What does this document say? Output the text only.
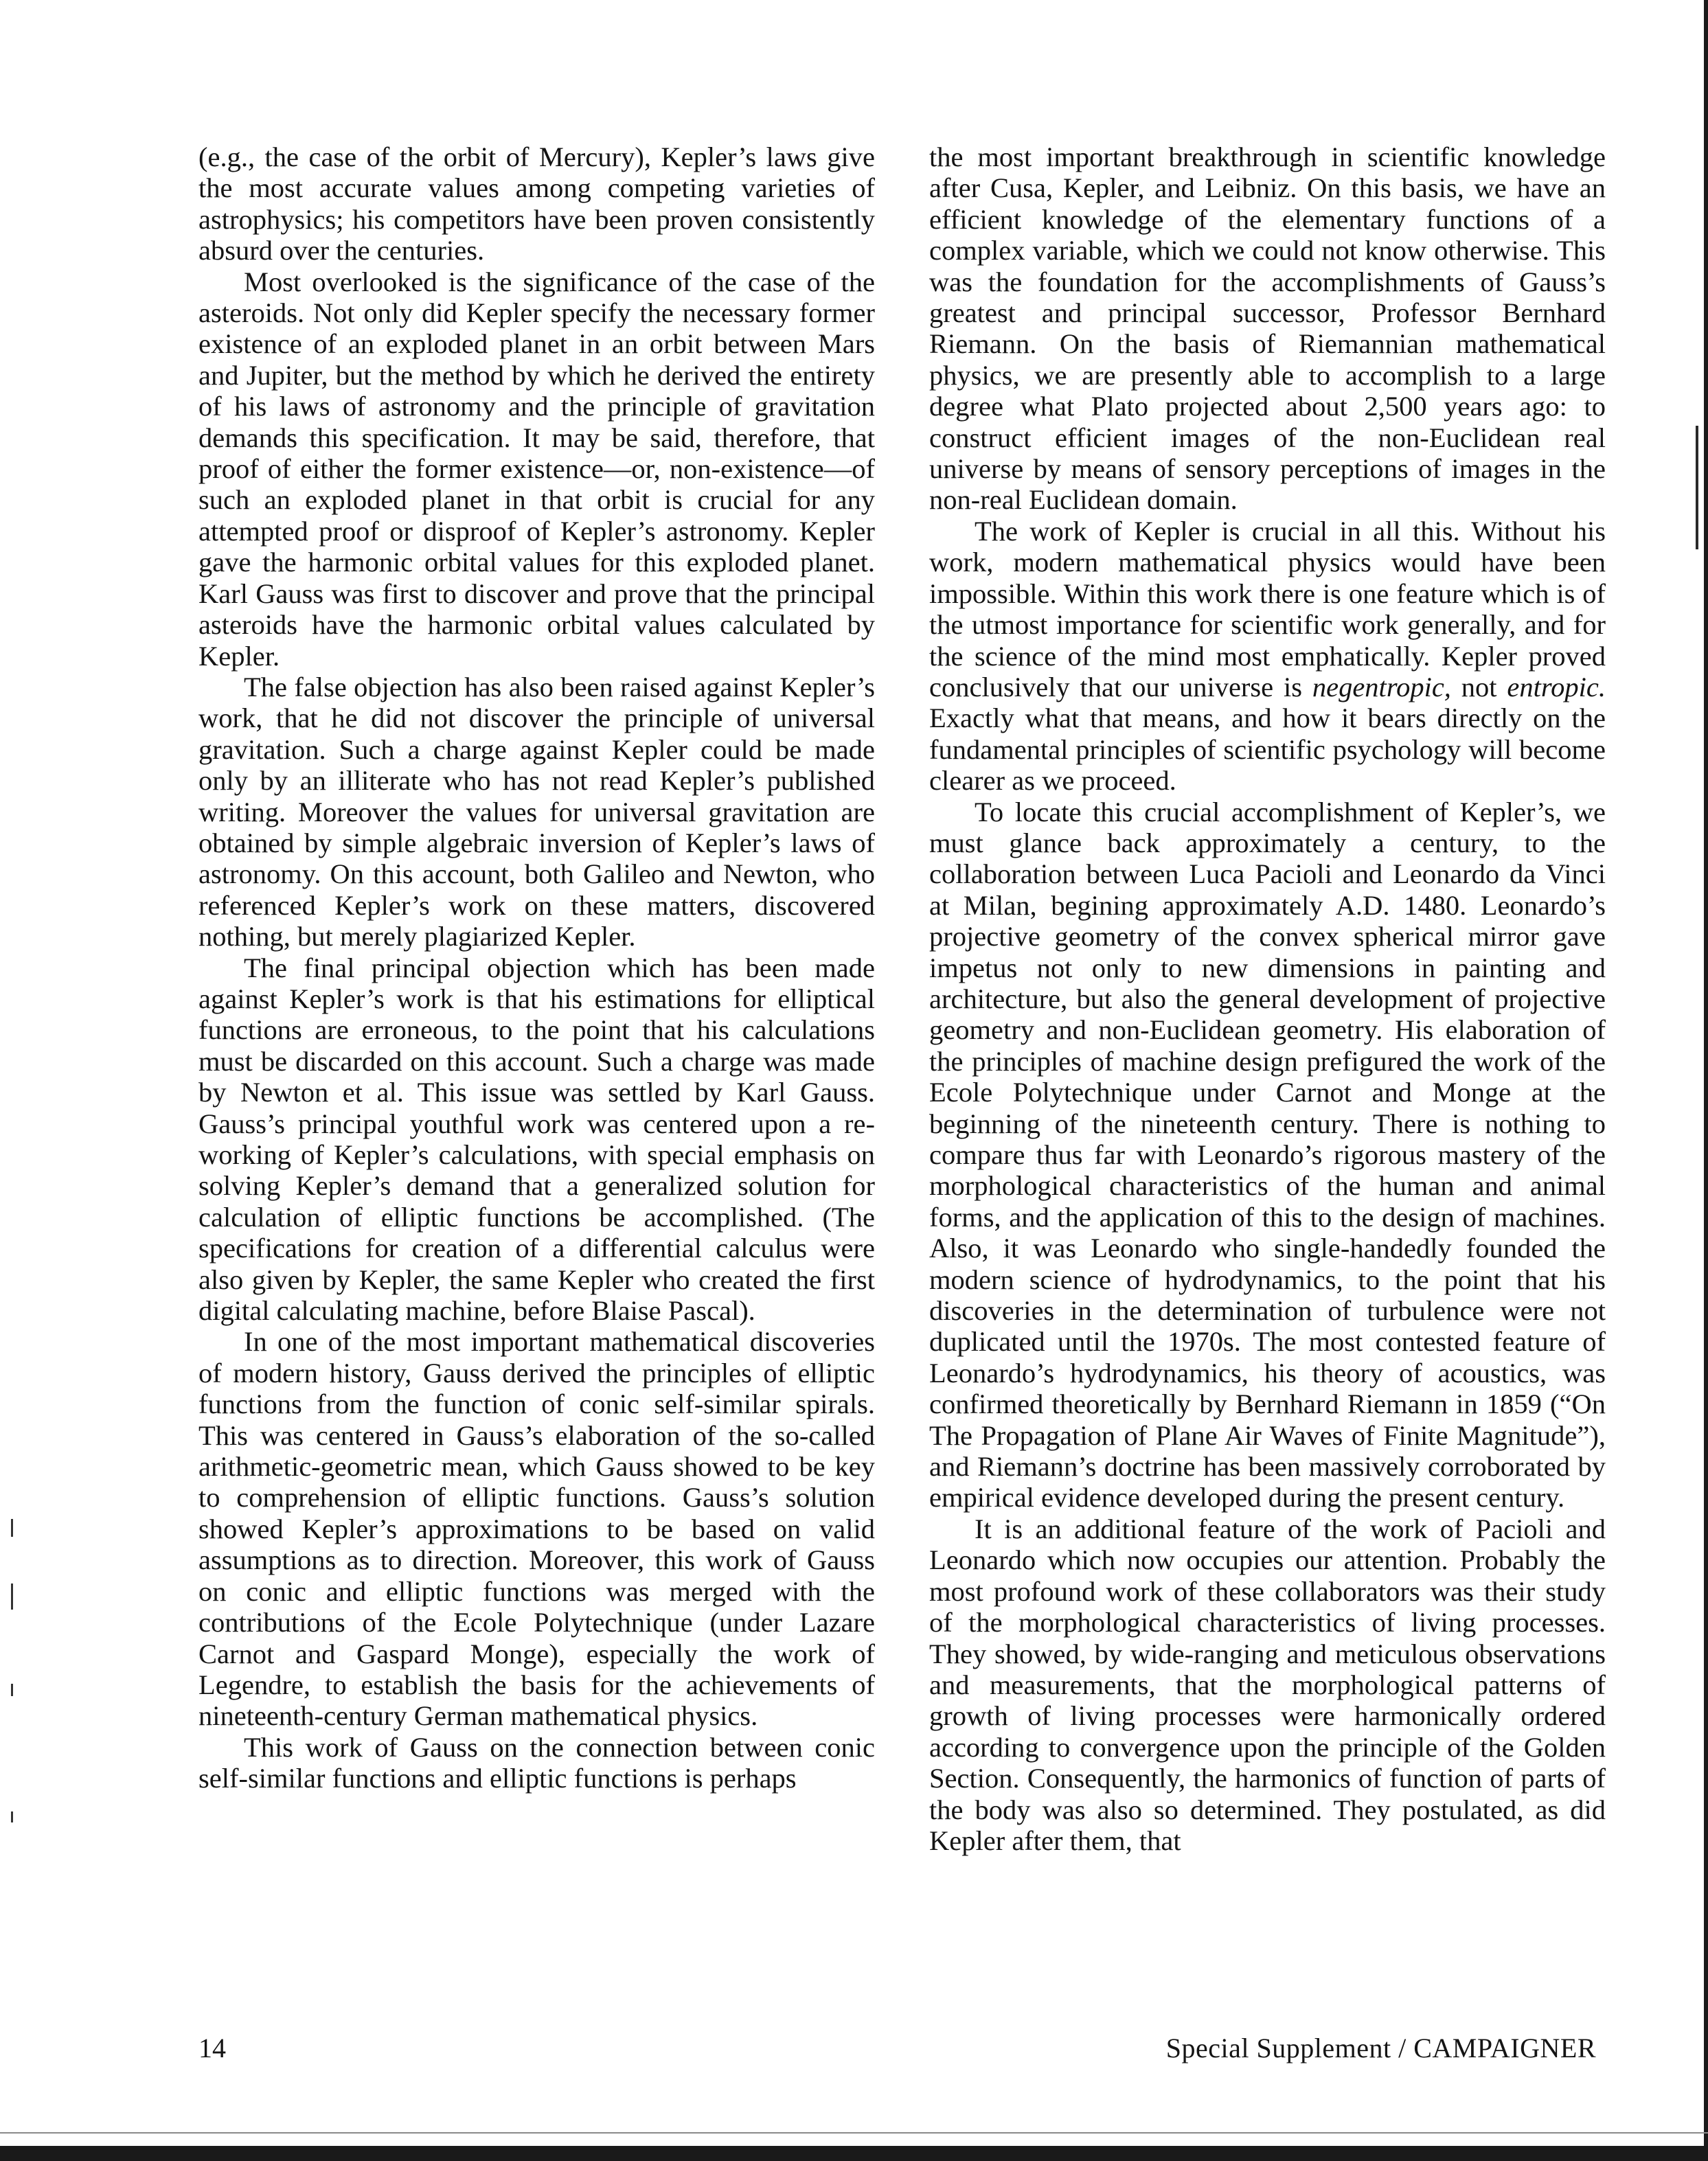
(e.g., the case of the orbit of Mercury), Kepler’s laws give the most accurate values among competing varieties of astrophysics; his competitors have been proven consistently absurd over the centuries.

Most overlooked is the significance of the case of the asteroids. Not only did Kepler specify the necessary former existence of an exploded planet in an orbit between Mars and Jupiter, but the method by which he derived the entirety of his laws of astronomy and the principle of gravitation demands this specification. It may be said, therefore, that proof of either the former existence—or, non-existence—of such an exploded planet in that orbit is crucial for any attempted proof or disproof of Kepler’s astronomy. Kepler gave the harmonic orbital values for this exploded planet. Karl Gauss was first to discover and prove that the principal asteroids have the harmonic orbital values calculated by Kepler.

The false objection has also been raised against Kepler’s work, that he did not discover the principle of universal gravitation. Such a charge against Kepler could be made only by an illiterate who has not read Kepler’s published writing. Moreover the values for universal gravitation are obtained by simple algebraic inversion of Kepler’s laws of astronomy. On this account, both Galileo and Newton, who referenced Kepler’s work on these matters, discovered nothing, but merely plagiarized Kepler.

The final principal objection which has been made against Kepler’s work is that his estimations for elliptical functions are erroneous, to the point that his calculations must be discarded on this account. Such a charge was made by Newton et al. This issue was settled by Karl Gauss. Gauss’s principal youthful work was centered upon a re-working of Kepler’s calculations, with special emphasis on solving Kepler’s demand that a generalized solution for calculation of elliptic functions be accomplished. (The specifications for creation of a differential calculus were also given by Kepler, the same Kepler who created the first digital calculating machine, before Blaise Pascal).

In one of the most important mathematical discoveries of modern history, Gauss derived the principles of elliptic functions from the function of conic self-similar spirals. This was centered in Gauss’s elaboration of the so-called arithmetic-geometric mean, which Gauss showed to be key to comprehension of elliptic functions. Gauss’s solution showed Kepler’s approximations to be based on valid assumptions as to direction. Moreover, this work of Gauss on conic and elliptic functions was merged with the contributions of the Ecole Polytechnique (under Lazare Carnot and Gaspard Monge), especially the work of Legendre, to establish the basis for the achievements of nineteenth-century German mathematical physics.

This work of Gauss on the connection between conic self-similar functions and elliptic functions is perhaps

the most important breakthrough in scientific knowledge after Cusa, Kepler, and Leibniz. On this basis, we have an efficient knowledge of the elementary functions of a complex variable, which we could not know otherwise. This was the foundation for the accomplishments of Gauss’s greatest and principal successor, Professor Bernhard Riemann. On the basis of Riemannian mathematical physics, we are presently able to accomplish to a large degree what Plato projected about 2,500 years ago: to construct efficient images of the non-Euclidean real universe by means of sensory perceptions of images in the non-real Euclidean domain.

The work of Kepler is crucial in all this. Without his work, modern mathematical physics would have been impossible. Within this work there is one feature which is of the utmost importance for scientific work generally, and for the science of the mind most emphatically. Kepler proved conclusively that our universe is negentropic, not entropic. Exactly what that means, and how it bears directly on the fundamental principles of scientific psychology will become clearer as we proceed.

To locate this crucial accomplishment of Kepler’s, we must glance back approximately a century, to the collaboration between Luca Pacioli and Leonardo da Vinci at Milan, begining approximately A.D. 1480. Leonardo’s projective geometry of the convex spherical mirror gave impetus not only to new dimensions in painting and architecture, but also the general development of projective geometry and non-Euclidean geometry. His elaboration of the principles of machine design prefigured the work of the Ecole Polytechnique under Carnot and Monge at the beginning of the nineteenth century. There is nothing to compare thus far with Leonardo’s rigorous mastery of the morphological characteristics of the human and animal forms, and the application of this to the design of machines. Also, it was Leonardo who single-handedly founded the modern science of hydrodynamics, to the point that his discoveries in the determination of turbulence were not duplicated until the 1970s. The most contested feature of Leonardo’s hydrodynamics, his theory of acoustics, was confirmed theoretically by Bernhard Riemann in 1859 (“On The Propagation of Plane Air Waves of Finite Magnitude”), and Riemann’s doctrine has been massively corroborated by empirical evidence developed during the present century.

It is an additional feature of the work of Pacioli and Leonardo which now occupies our attention. Probably the most profound work of these collaborators was their study of the morphological characteristics of living processes. They showed, by wide-ranging and meticulous observations and measurements, that the morphological patterns of growth of living processes were harmonically ordered according to convergence upon the principle of the Golden Section. Consequently, the harmonics of function of parts of the body was also so determined. They postulated, as did Kepler after them, that

14	Special Supplement / CAMPAIGNER
